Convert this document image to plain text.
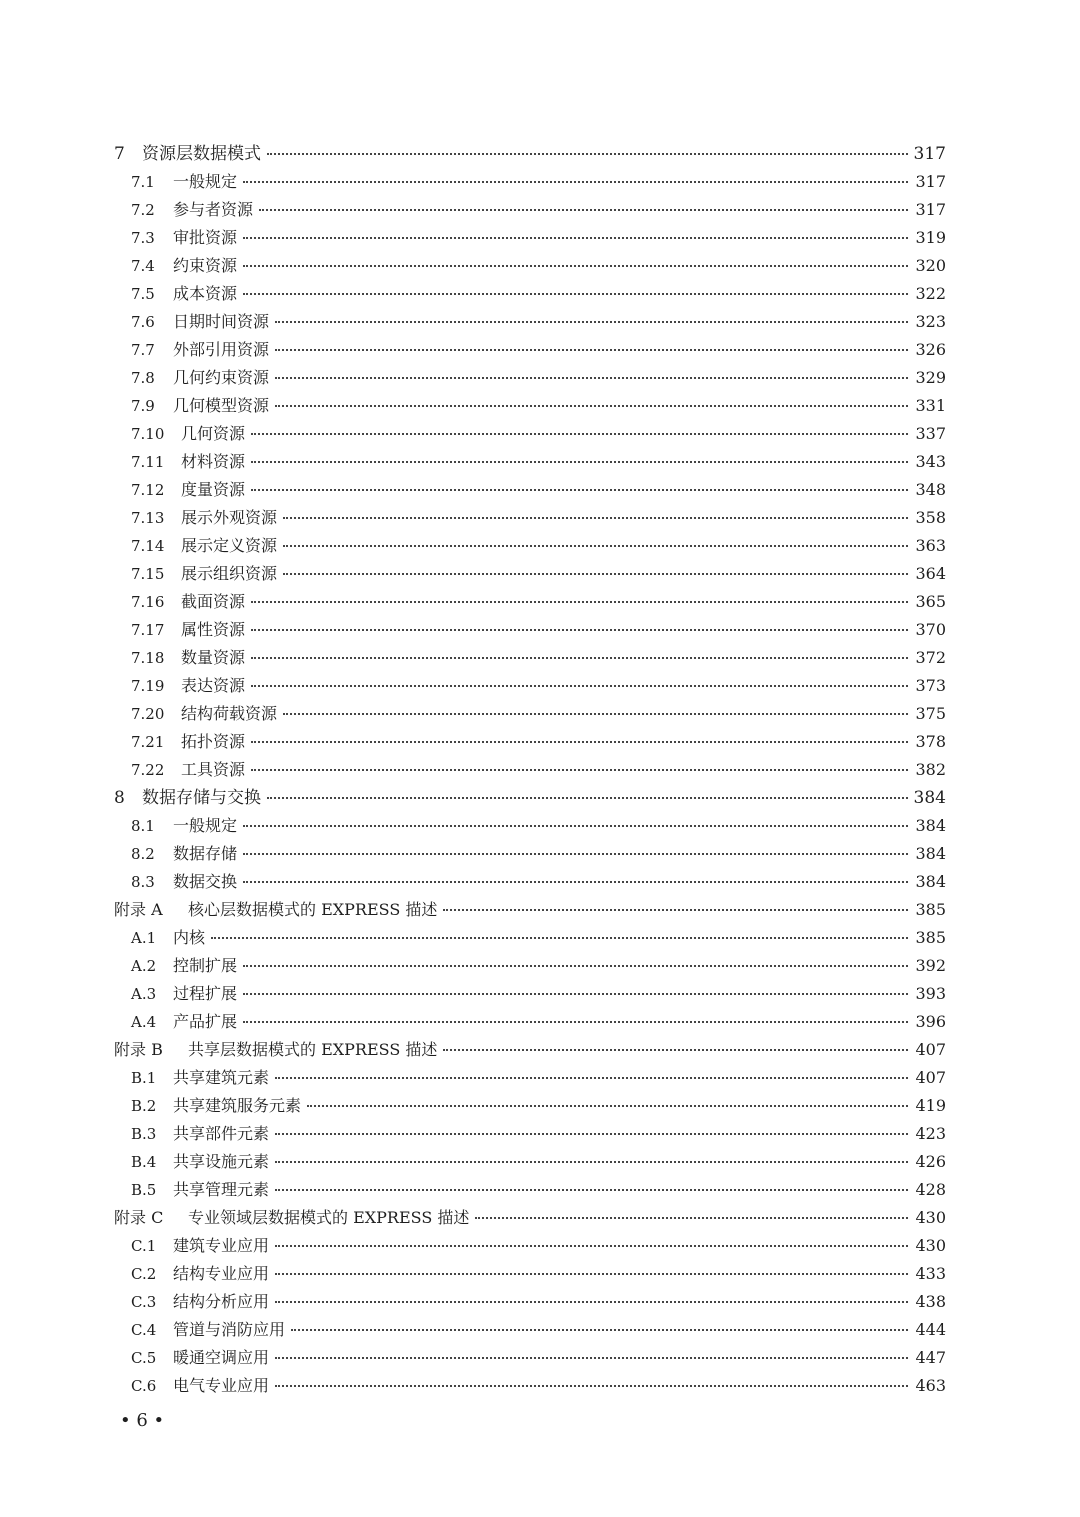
7 资源层数据模式	317
7.1 一般规定	317
7.2 参与者资源	317
7.3 审批资源	319
7.4 约束资源	320
7.5 成本资源	322
7.6 日期时间资源	323
7.7 外部引用资源	326
7.8 几何约束资源	329
7.9 几何模型资源	331
7.10 几何资源	337
7.11 材料资源	343
7.12 度量资源	348
7.13 展示外观资源	358
7.14 展示定义资源	363
7.15 展示组织资源	364
7.16 截面资源	365
7.17 属性资源	370
7.18 数量资源	372
7.19 表达资源	373
7.20 结构荷载资源	375
7.21 拓扑资源	378
7.22 工具资源	382
8 数据存储与交换	384
8.1 一般规定	384
8.2 数据存储	384
8.3 数据交换	384
附录 A 核心层数据模式的 EXPRESS 描述	385
A.1 内核	385
A.2 控制扩展	392
A.3 过程扩展	393
A.4 产品扩展	396
附录 B 共享层数据模式的 EXPRESS 描述	407
B.1 共享建筑元素	407
B.2 共享建筑服务元素	419
B.3 共享部件元素	423
B.4 共享设施元素	426
B.5 共享管理元素	428
附录 C 专业领域层数据模式的 EXPRESS 描述	430
C.1 建筑专业应用	430
C.2 结构专业应用	433
C.3 结构分析应用	438
C.4 管道与消防应用	444
C.5 暖通空调应用	447
C.6 电气专业应用	463
• 6 •
